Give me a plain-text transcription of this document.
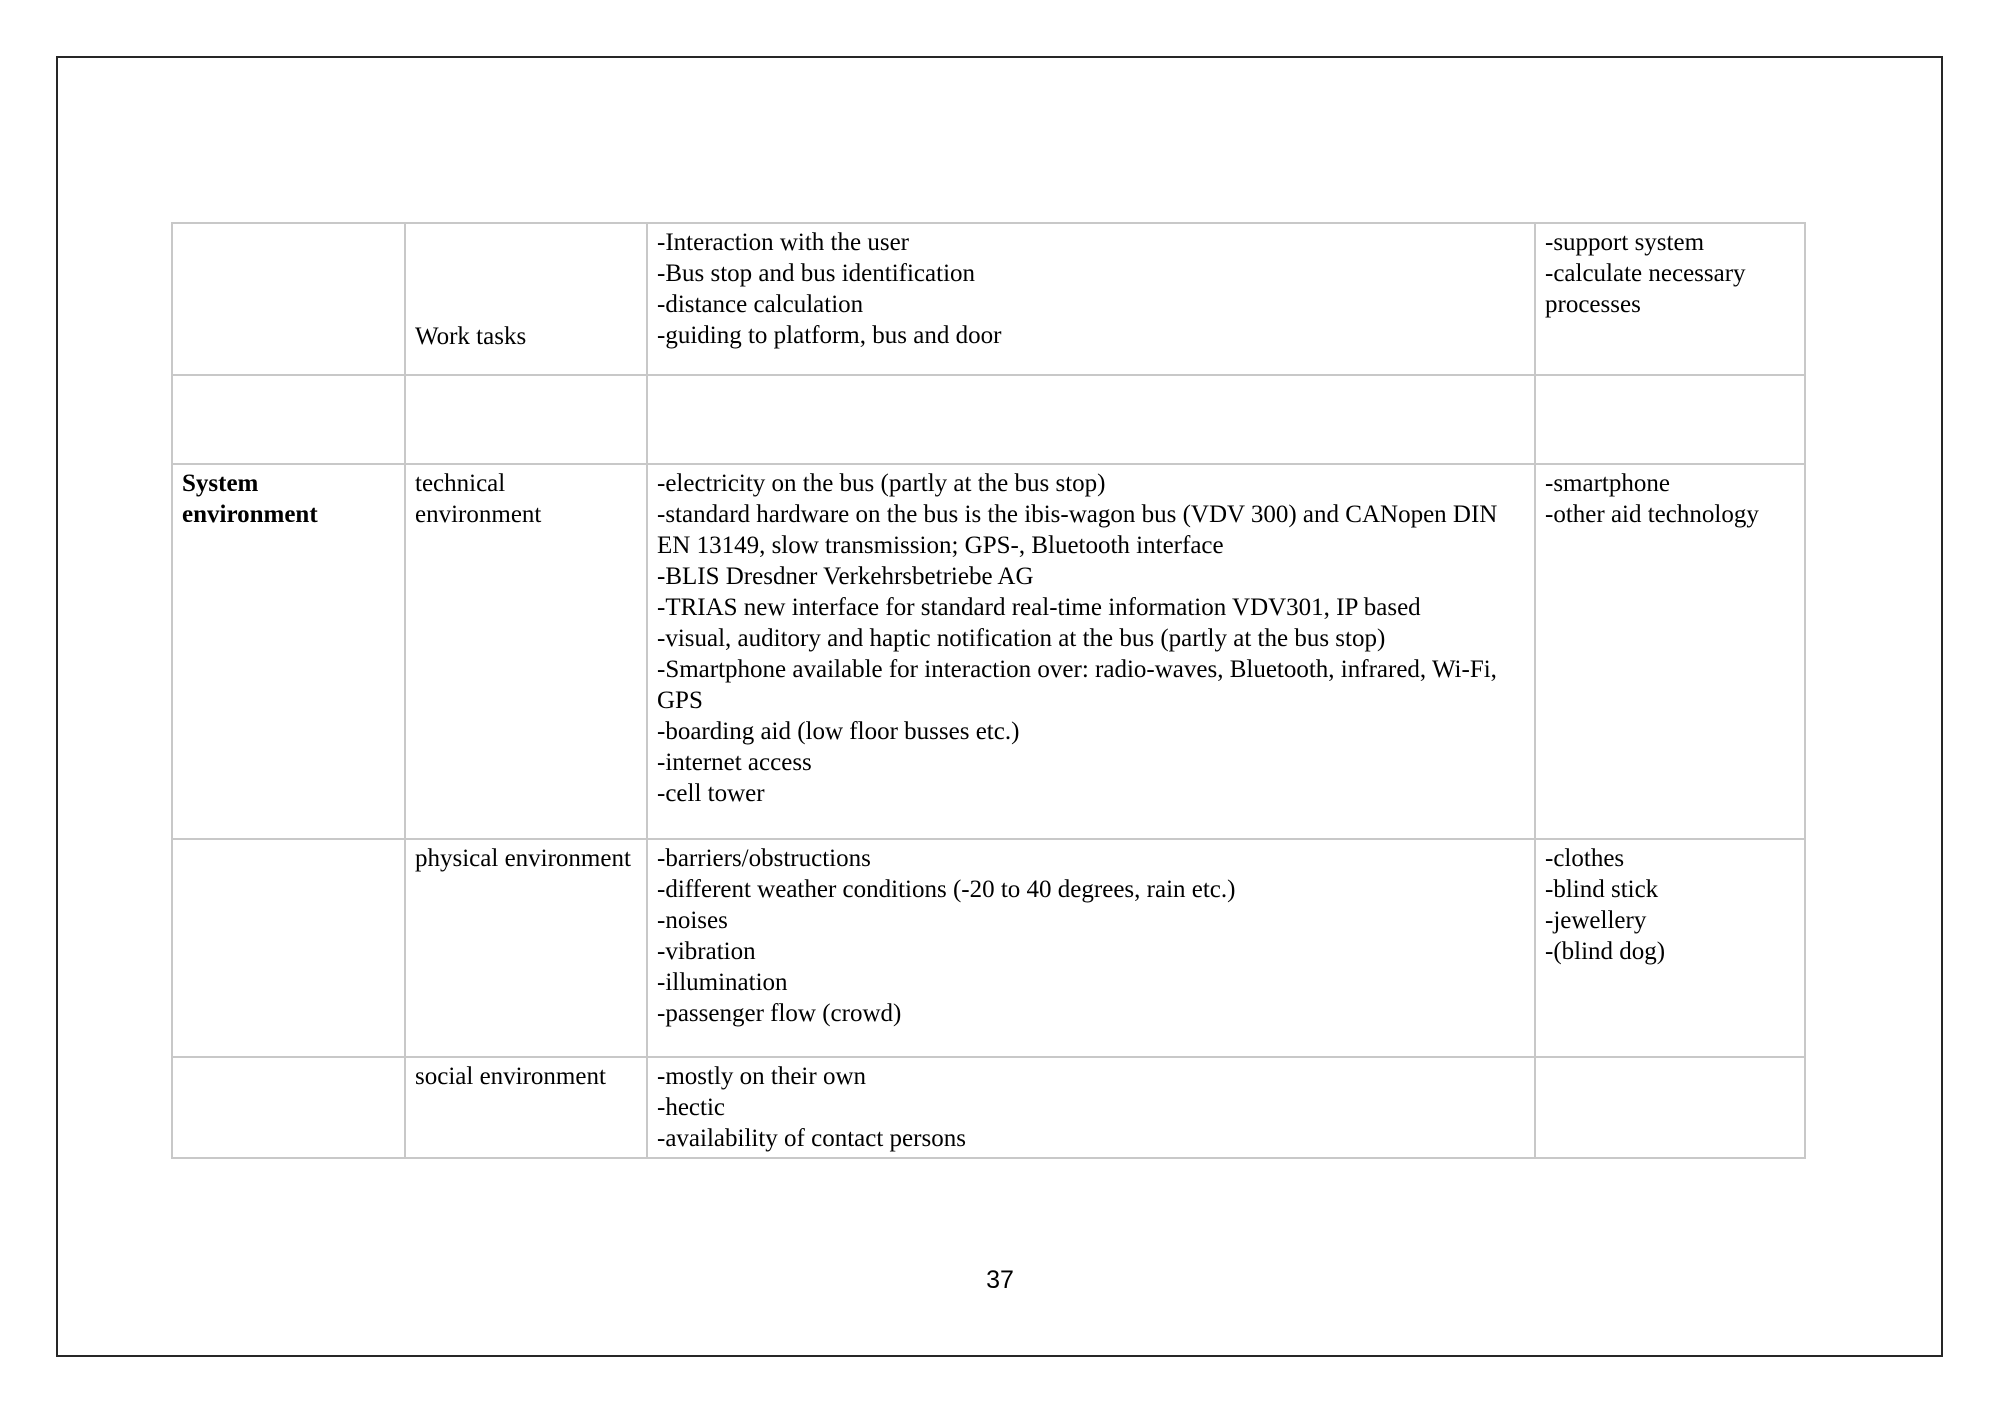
Work tasks
-Interaction with the user
-Bus stop and bus identification
-distance calculation
-guiding to platform, bus and door
-support system
-calculate necessary processes
System environment
technical environment
-electricity on the bus (partly at the bus stop)
-standard hardware on the bus is the ibis-wagon bus (VDV 300) and CANopen DIN EN 13149, slow transmission; GPS-, Bluetooth interface
-BLIS Dresdner Verkehrsbetriebe AG
-TRIAS new interface for standard real-time information VDV301, IP based
-visual, auditory and haptic notification at the bus (partly at the bus stop)
-Smartphone available for interaction over: radio-waves, Bluetooth, infrared, Wi-Fi, GPS
-boarding aid (low floor busses etc.)
-internet access
-cell tower
-smartphone
-other aid technology
physical environment -barriers/obstructions
-different weather conditions (-20 to 40 degrees, rain etc.)
-noises
-vibration
-illumination
-passenger flow (crowd)
-clothes
-blind stick
-jewellery
-(blind dog)
social environment	-mostly on their own
-hectic
-availability of contact persons
37
